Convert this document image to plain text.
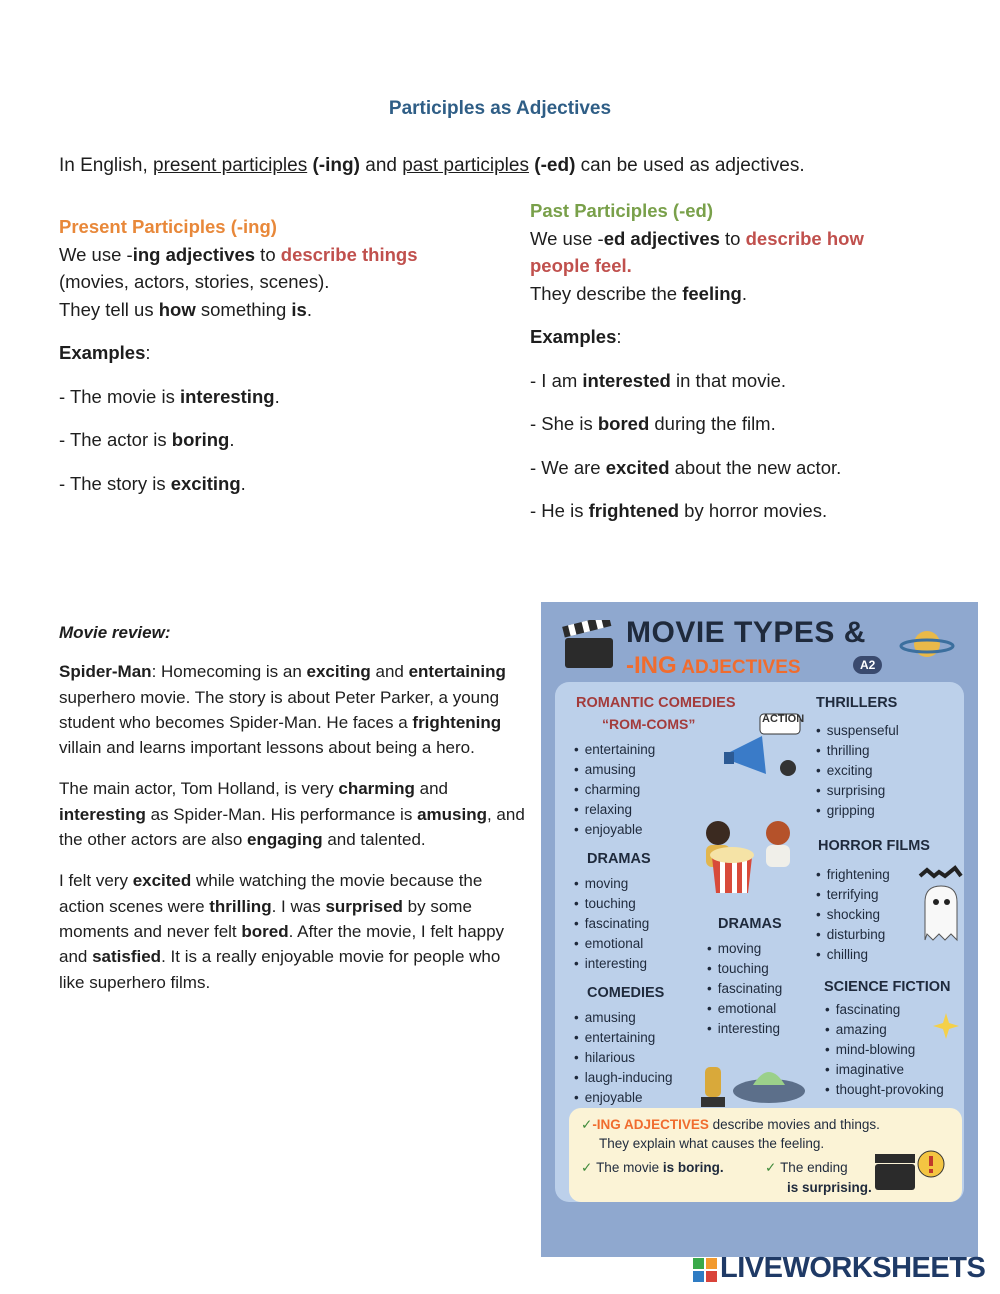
Participles as Adjectives
In English, present participles (-ing) and past participles (-ed) can be used as adjectives.

Present Participles (-ing)

We use -ing adjectives to describe things

(movies, actors, stories, scenes).

They tell us how something is.

Examples:

- The movie is interesting.

- The actor is boring.

- The story is exciting.

Past Participles (-ed)

We use -ed adjectives to describe how

people feel.

They describe the feeling.

Examples:

- I am interested in that movie.

- She is bored during the film.

- We are excited about the new actor.

- He is frightened by horror movies.

Movie review:

Spider-Man: Homecoming is an exciting and entertaining superhero movie. The story is about Peter Parker, a young student who becomes Spider-Man. He faces a frightening villain and learns important lessons about being a hero.

The main actor, Tom Holland, is very charming and interesting as Spider-Man. His performance is amusing, and the other actors are also engaging and talented.

I felt very excited while watching the movie because the action scenes were thrilling. I was surprised by some moments and never felt bored. After the movie, I felt happy and satisfied. It is a really enjoyable movie for people who like superhero films.

MOVIE TYPES &
-ING ADJECTIVES	A2
ROMANTIC COMEDIES
“ROM-COMS”
• entertaining
• amusing
• charming
• relaxing
• enjoyable
ACTION
THRILLERS
• suspenseful
• thrilling
• exciting
• surprising
• gripping
DRAMAS
• moving
• touching
• fascinating
• emotional
• interesting
HORROR FILMS
• frightening
• terrifying
• shocking
• disturbing
• chilling
DRAMAS
• moving
• touching
• fascinating
• emotional
• interesting
COMEDIES
• amusing
• entertaining
• hilarious
• laugh-inducing
• enjoyable
SCIENCE FICTION
• fascinating
• amazing
• mind-blowing
• imaginative
• thought-provoking
✓-ING ADJECTIVES describe movies and things.
They explain what causes the feeling.
✓ The movie is boring.	✓ The ending
is surprising.
LIVEWORKSHEETS
